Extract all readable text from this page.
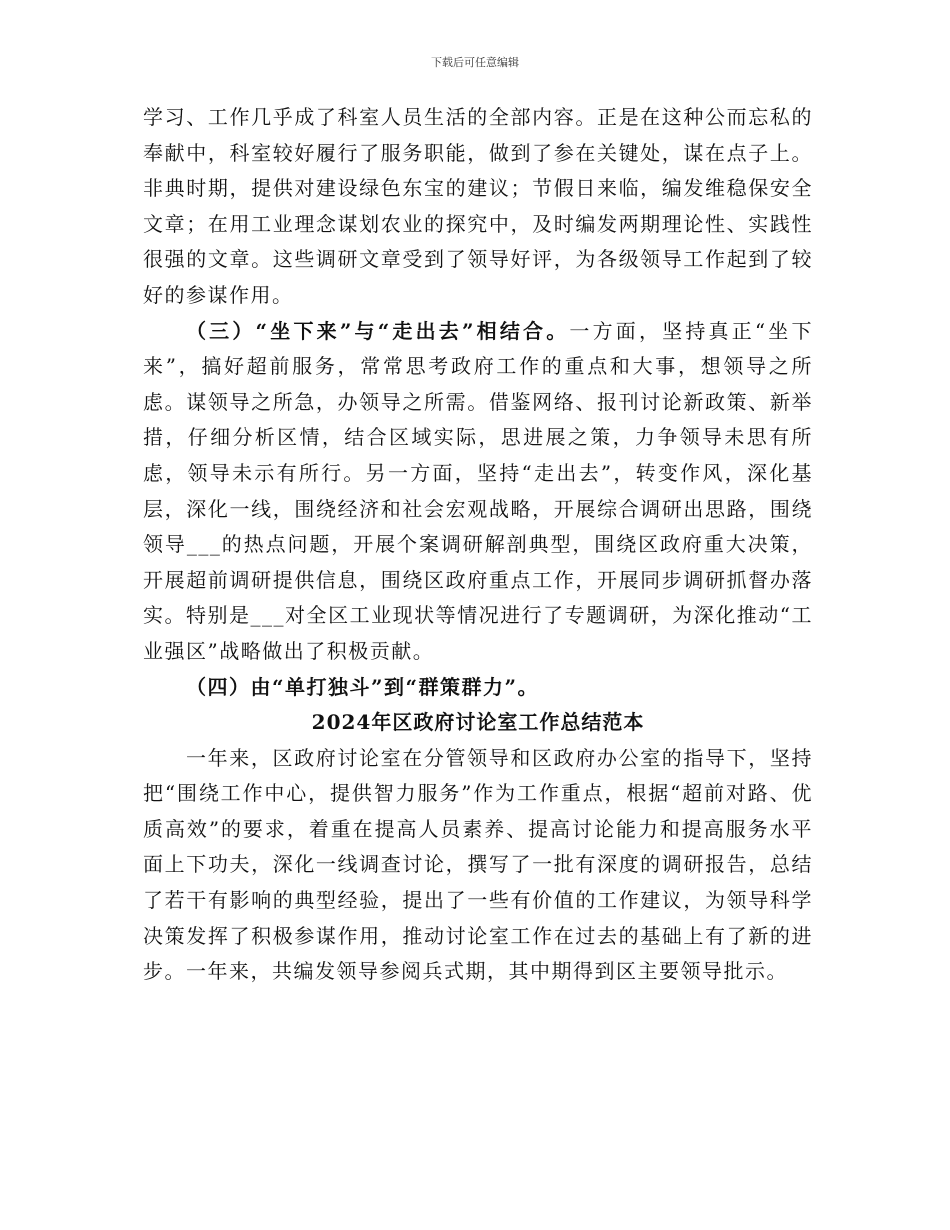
下载后可任意编辑

学习、工作几乎成了科室人员生活的全部内容。正是在这种公而忘私的奉献中，科室较好履行了服务职能，做到了参在关键处，谋在点子上。非典时期，提供对建设绿色东宝的建议；节假日来临，编发维稳保安全文章；在用工业理念谋划农业的探究中，及时编发两期理论性、实践性很强的文章。这些调研文章受到了领导好评，为各级领导工作起到了较好的参谋作用。

（三）“坐下来”与“走出去”相结合。一方面，坚持真正“坐下来”，搞好超前服务，常常思考政府工作的重点和大事，想领导之所虑。谋领导之所急，办领导之所需。借鉴网络、报刊讨论新政策、新举措，仔细分析区情，结合区域实际，思进展之策，力争领导未思有所虑，领导未示有所行。另一方面，坚持“走出去”，转变作风，深化基层，深化一线，围绕经济和社会宏观战略，开展综合调研出思路，围绕领导___的热点问题，开展个案调研解剖典型，围绕区政府重大决策，开展超前调研提供信息，围绕区政府重点工作，开展同步调研抓督办落实。特别是___对全区工业现状等情况进行了专题调研，为深化推动“工业强区”战略做出了积极贡献。

（四）由“单打独斗”到“群策群力”。

2024年区政府讨论室工作总结范本

一年来，区政府讨论室在分管领导和区政府办公室的指导下，坚持把“围绕工作中心，提供智力服务”作为工作重点，根据“超前对路、优质高效”的要求，着重在提高人员素养、提高讨论能力和提高服务水平面上下功夫，深化一线调查讨论，撰写了一批有深度的调研报告，总结了若干有影响的典型经验，提出了一些有价值的工作建议，为领导科学决策发挥了积极参谋作用，推动讨论室工作在过去的基础上有了新的进步。一年来，共编发领导参阅兵式期，其中期得到区主要领导批示。
